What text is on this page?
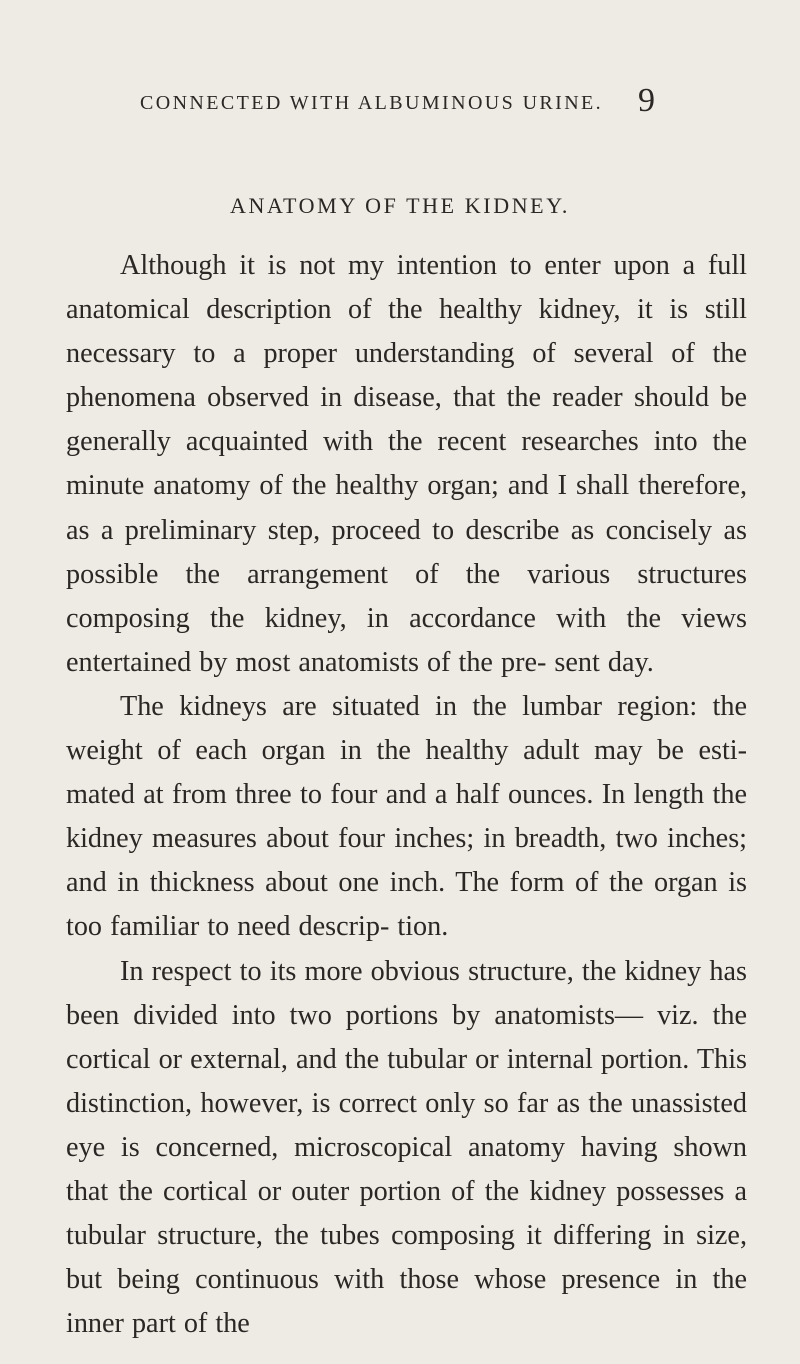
CONNECTED WITH ALBUMINOUS URINE.	9
ANATOMY OF THE KIDNEY.

Although it is not my intention to enter upon a full anatomical description of the healthy kidney, it is still necessary to a proper understanding of several of the phenomena observed in disease, that the reader should be generally acquainted with the recent researches into the minute anatomy of the healthy organ; and I shall therefore, as a preliminary step, proceed to describe as concisely as possible the arrangement of the various structures composing the kidney, in accordance with the views entertained by most anatomists of the pre- sent day.

The kidneys are situated in the lumbar region: the weight of each organ in the healthy adult may be esti- mated at from three to four and a half ounces. In length the kidney measures about four inches; in breadth, two inches; and in thickness about one inch. The form of the organ is too familiar to need descrip- tion.

In respect to its more obvious structure, the kidney has been divided into two portions by anatomists— viz. the cortical or external, and the tubular or internal portion. This distinction, however, is correct only so far as the unassisted eye is concerned, microscopical anatomy having shown that the cortical or outer portion of the kidney possesses a tubular structure, the tubes composing it differing in size, but being continuous with those whose presence in the inner part of the
